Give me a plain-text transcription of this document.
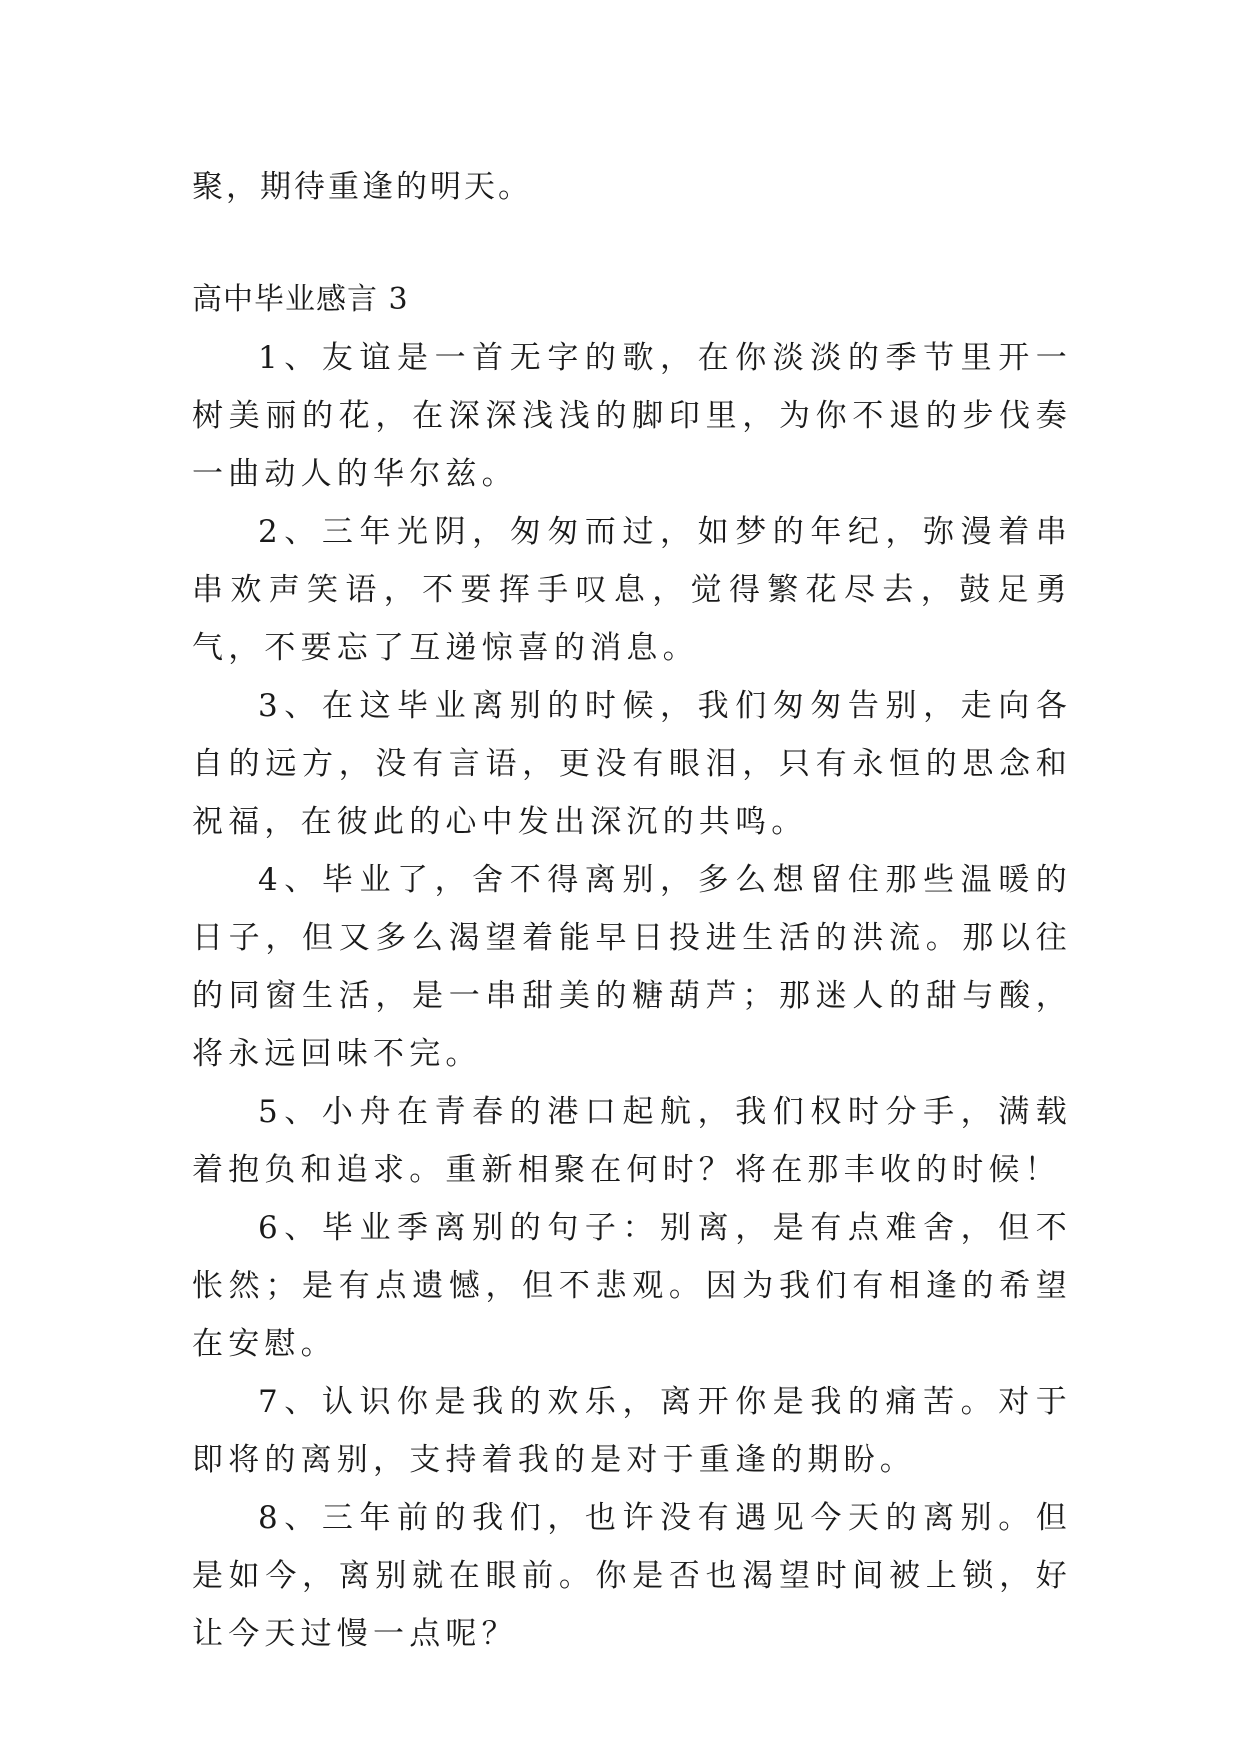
聚，期待重逢的明天。

高中毕业感言 3

1、友谊是一首无字的歌，在你淡淡的季节里开一树美丽的花，在深深浅浅的脚印里，为你不退的步伐奏一曲动人的华尔兹。

2、三年光阴，匆匆而过，如梦的年纪，弥漫着串串欢声笑语，不要挥手叹息，觉得繁花尽去，鼓足勇气，不要忘了互递惊喜的消息。

3、在这毕业离别的时候，我们匆匆告别，走向各自的远方，没有言语，更没有眼泪，只有永恒的思念和祝福，在彼此的心中发出深沉的共鸣。

4、毕业了，舍不得离别，多么想留住那些温暖的日子，但又多么渴望着能早日投进生活的洪流。那以往的同窗生活，是一串甜美的糖葫芦；那迷人的甜与酸，将永远回味不完。

5、小舟在青春的港口起航，我们权时分手，满载着抱负和追求。重新相聚在何时？将在那丰收的时候！

6、毕业季离别的句子：别离，是有点难舍，但不怅然；是有点遗憾，但不悲观。因为我们有相逢的希望在安慰。

7、认识你是我的欢乐，离开你是我的痛苦。对于即将的离别，支持着我的是对于重逢的期盼。

8、三年前的我们，也许没有遇见今天的离别。但是如今，离别就在眼前。你是否也渴望时间被上锁，好让今天过慢一点呢？
